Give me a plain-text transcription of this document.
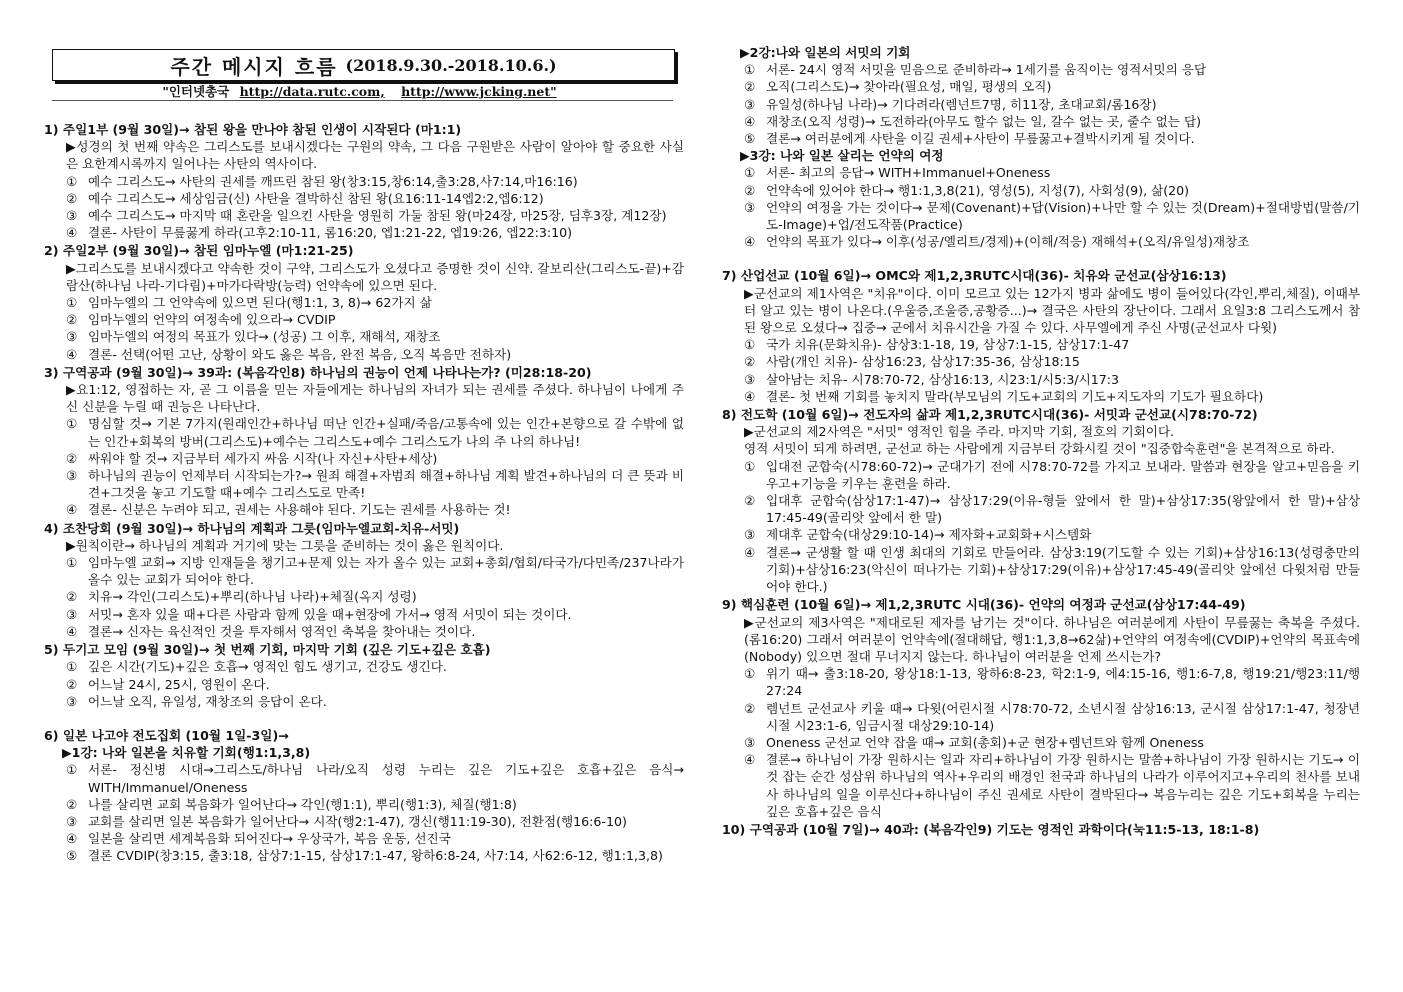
주간 메시지 흐름 (2018.9.30.-2018.10.6.)
"인터넷총국 http://data.rutc.com, http://www.jcking.net"
1) 주일1부 (9월 30일)→ 참된 왕을 만나야 참된 인생이 시작된다 (마1:1)
▶성경의 첫 번째 약속은 그리스도를 보내시겠다는 구원의 약속, 그 다음 구원받은 사람이 알아야 할 중요한 사실은 요한계시록까지 일어나는 사탄의 역사이다.
① 예수 그리스도→ 사탄의 권세를 깨뜨린 참된 왕(창3:15,창6:14,출3:28,사7:14,마16:16)
② 예수 그리스도→ 세상임금(신) 사탄을 결박하신 참된 왕(요16:11-14엡2:2,엡6:12)
③ 예수 그리스도→ 마지막 때 혼란을 일으킨 사탄을 영원히 가둘 참된 왕(마24장, 마25장, 딤후3장, 계12장)
④ 결론- 사탄이 무릎꿇게 하라(고후2:10-11, 롬16:20, 엡1:21-22, 엡19:26, 엡22:3:10)
2) 주일2부 (9월 30일)→ 참된 임마누엘 (마1:21-25)
▶그리스도를 보내시겠다고 약속한 것이 구약, 그리스도가 오셨다고 증명한 것이 신약. 갈보리산(그리스도-끝)+감람산(하나님 나라-기다림)+마가다락방(능력) 언약속에 있으면 된다.
① 임마누엘의 그 언약속에 있으면 된다(행1:1, 3, 8)→ 62가지 삶
② 임마누엘의 언약의 여정속에 있으라→ CVDIP
③ 임마누엘의 여정의 목표가 있다→ (성공) 그 이후, 재해석, 재창조
④ 결론- 선택(어떤 고난, 상황이 와도 옳은 복음, 완전 복음, 오직 복음만 전하자)
3) 구역공과 (9월 30일)→ 39과: (복음각인8) 하나님의 권능이 언제 나타나는가? (미28:18-20)
▶요1:12, 영접하는 자, 곧 그 이름을 믿는 자들에게는 하나님의 자녀가 되는 권세를 주셨다. 하나님이 나에게 주신 신분을 누릴 때 권능은 나타난다.
① 명심할 것→ 기본 7가지(원래인간+하나님 떠난 인간+실패/죽음/고통속에 있는 인간+본향으로 갈 수밖에 없는 인간+회복의 방버(그리스도)+예수는 그리스도+예수 그리스도가 나의 주 나의 하나님!
② 싸워야 할 것→ 지금부터 세가지 싸움 시작(나 자신+사탄+세상)
③ 하나님의 권능이 언제부터 시작되는가?→ 원죄 해결+자범죄 해결+하나님 계획 발견+하나님의 더 큰 뜻과 비견+그것을 놓고 기도할 때+예수 그리스도로 만족!
④ 결론- 신분은 누려야 되고, 권세는 사용해야 된다. 기도는 권세를 사용하는 것!
4) 조찬당회 (9월 30일)→ 하나님의 계획과 그릇(임마누엘교회-치유-서밋)
▶원칙이란→ 하나님의 계획과 거기에 맞는 그릇을 준비하는 것이 옳은 원칙이다.
① 임마누엘 교회→ 지방 인재들을 챙기고+문제 있는 자가 올수 있는 교회+총회/협회/타국가/다민족/237나라가 올수 있는 교회가 되어야 한다.
② 치유→ 각인(그리스도)+뿌리(하나님 나라)+체질(옥지 성령)
③ 서밋→ 혼자 있을 때+다른 사람과 함께 있을 때+현장에 가서→ 영적 서밋이 되는 것이다.
④ 결론→ 신자는 육신적인 것을 투자해서 영적인 축복을 찾아내는 것이다.
5) 두기고 모임 (9월 30일)→ 첫 번째 기회, 마지막 기회 (깊은 기도+깊은 호흡)
① 깊은 시간(기도)+깊은 호흡→ 영적인 힘도 생기고, 건강도 생긴다.
② 어느날 24시, 25시, 영원이 온다.
③ 어느날 오직, 유일성, 재창조의 응답이 온다.
6) 일본 나고야 전도집회 (10월 1일-3일)→
▶1강: 나와 일본을 치유할 기회(행1:1,3,8)
① 서론- 정신병 시대→그리스도/하나님 나라/오직 성령 누리는 깊은 기도+깊은 호흡+깊은 음식→ WITH/Immanuel/Oneness
② 나를 살리면 교회 복음화가 일어난다→ 각인(행1:1), 뿌리(행1:3), 체질(행1:8)
③ 교회를 살리면 일본 복음화가 일어난다→ 시작(행2:1-47), 갱신(행11:19-30), 전환점(행16:6-10)
④ 일본을 살리면 세계복음화 되어진다→ 우상국가, 복음 운동, 선진국
⑤ 결론 CVDIP(창3:15, 출3:18, 삼상7:1-15, 삼상17:1-47, 왕하6:8-24, 사7:14, 사62:6-12, 행1:1,3,8)
▶2강:나와 일본의 서밋의 기회
① 서론- 24시 영적 서밋을 믿음으로 준비하라→ 1세기를 움직이는 영적서밋의 응답
② 오직(그리스도)→ 찾아라(필요성, 매일, 평생의 오직)
③ 유일성(하나님 나라)→ 기다려라(렘넌트7명, 히11장, 초대교회/롬16장)
④ 재창조(오직 성령)→ 도전하라(아무도 할수 없는 일, 갈수 없는 곳, 줄수 없는 답)
⑤ 결론→ 여러분에게 사탄을 이길 권세+사탄이 무릎꿇고+결박시키게 될 것이다.
▶3강: 나와 일본 살리는 언약의 여정
① 서론- 최고의 응답→ WITH+Immanuel+Oneness
② 언약속에 있어야 한다→ 행1:1,3,8(21), 영성(5), 지성(7), 사회성(9), 삶(20)
③ 언약의 여정을 가는 것이다→ 문제(Covenant)+답(Vision)+나만 할 수 있는 것(Dream)+절대방법(말씀/기도-Image)+업/전도작품(Practice)
④ 언약의 목표가 있다→ 이후(성공/엘리트/경제)+(이해/적응) 재해석+(오직/유일성)재창조
7) 산업선교 (10월 6일)→ OMC와 제1,2,3RUTC시대(36)- 치유와 군선교(삼상16:13)
▶군선교의 제1사역은 "치유"이다. 이미 모르고 있는 12가지 병과 삶에도 병이 들어있다(각인,뿌리,체질), 이때부터 알고 있는 병이 나온다.(우울증,조울증,공황증...)→ 결국은 사탄의 장난이다. 그래서 요일3:8 그리스도께서 참된 왕으로 오셨다→ 집중→ 군에서 치유시간을 가질 수 있다. 사무엘에게 주신 사명(군선교사 다윗)
① 국가 치유(문화치유)- 삼상3:1-18, 19, 삼상7:1-15, 삼상17:1-47
② 사람(개인 치유)- 삼상16:23, 삼상17:35-36, 삼상18:15
③ 살아남는 치유- 시78:70-72, 삼상16:13, 시23:1/시5:3/시17:3
④ 결론- 첫 번째 기회를 놓치지 말라(부모님의 기도+교회의 기도+지도자의 기도가 필요하다)
8) 전도학 (10월 6일)→ 전도자의 삶과 제1,2,3RUTC시대(36)- 서밋과 군선교(시78:70-72)
▶군선교의 제2사역은 "서밋" 영적인 힘을 주라. 마지막 기회, 절호의 기회이다.
영적 서밋이 되게 하려면, 군선교 하는 사람에게 지금부터 강화시킬 것이 "집중합숙훈련"을 본격적으로 하라.
① 입대전 군합숙(시78:60-72)→ 군대가기 전에 시78:70-72를 가지고 보내라. 말씀과 현장을 알고+믿음을 키우고+기능을 키우는 훈련을 하라.
② 입대후 군합숙(삼상17:1-47)→ 삼상17:29(이유-형들 앞에서 한 말)+삼상17:35(왕앞에서 한 말)+삼상17:45-49(골리앗 앞에서 한 말)
③ 제대후 군합숙(대상29:10-14)→ 제자화+교회화+시스템화
④ 결론→ 군생활 할 때 인생 최대의 기회로 만들어라. 삼상3:19(기도할 수 있는 기회)+삼상16:13(성령충만의 기회)+삼상16:23(악신이 떠나가는 기회)+삼상17:29(이유)+삼상17:45-49(골리앗 앞에선 다윗처럼 만들어야 한다.)
9) 핵심훈련 (10월 6일)→ 제1,2,3RUTC 시대(36)- 언약의 여정과 군선교(삼상17:44-49)
▶군선교의 제3사역은 "제대로된 제자를 남기는 것"이다. 하나님은 여러분에게 사탄이 무릎꿇는 축복을 주셨다.(롬16:20) 그래서 여러분이 언약속에(절대해답, 행1:1,3,8→62삶)+언약의 여정속에(CVDIP)+언약의 목표속에(Nobody) 있으면 절대 무너지지 않는다. 하나님이 여러분을 언제 쓰시는가?
① 위기 때→ 출3:18-20, 왕상18:1-13, 왕하6:8-23, 학2:1-9, 에4:15-16, 행1:6-7,8, 행19:21/행23:11/행27:24
② 렘넌트 군선교사 키울 때→ 다윗(어린시절 시78:70-72, 소년시절 삼상16:13, 군시절 삼상17:1-47, 청장년시절 시23:1-6, 임금시절 대상29:10-14)
③ Oneness 군선교 언약 잡을 때→ 교회(총회)+군 현장+렘넌트와 함께 Oneness
④ 결론→ 하나님이 가장 원하시는 일과 자리+하나님이 가장 원하시는 말씀+하나님이 가장 원하시는 기도→ 이것 잡는 순간 성삼위 하나님의 역사+우리의 배경인 천국과 하나님의 나라가 이루어지고+우리의 천사를 보내사 하나님의 일을 이루신다+하나님이 주신 권세로 사탄이 결박된다→ 복음누리는 깊은 기도+회복을 누리는 깊은 호흡+깊은 음식
10) 구역공과 (10월 7일)→ 40과: (복음각인9) 기도는 영적인 과학이다(눅11:5-13, 18:1-8)
